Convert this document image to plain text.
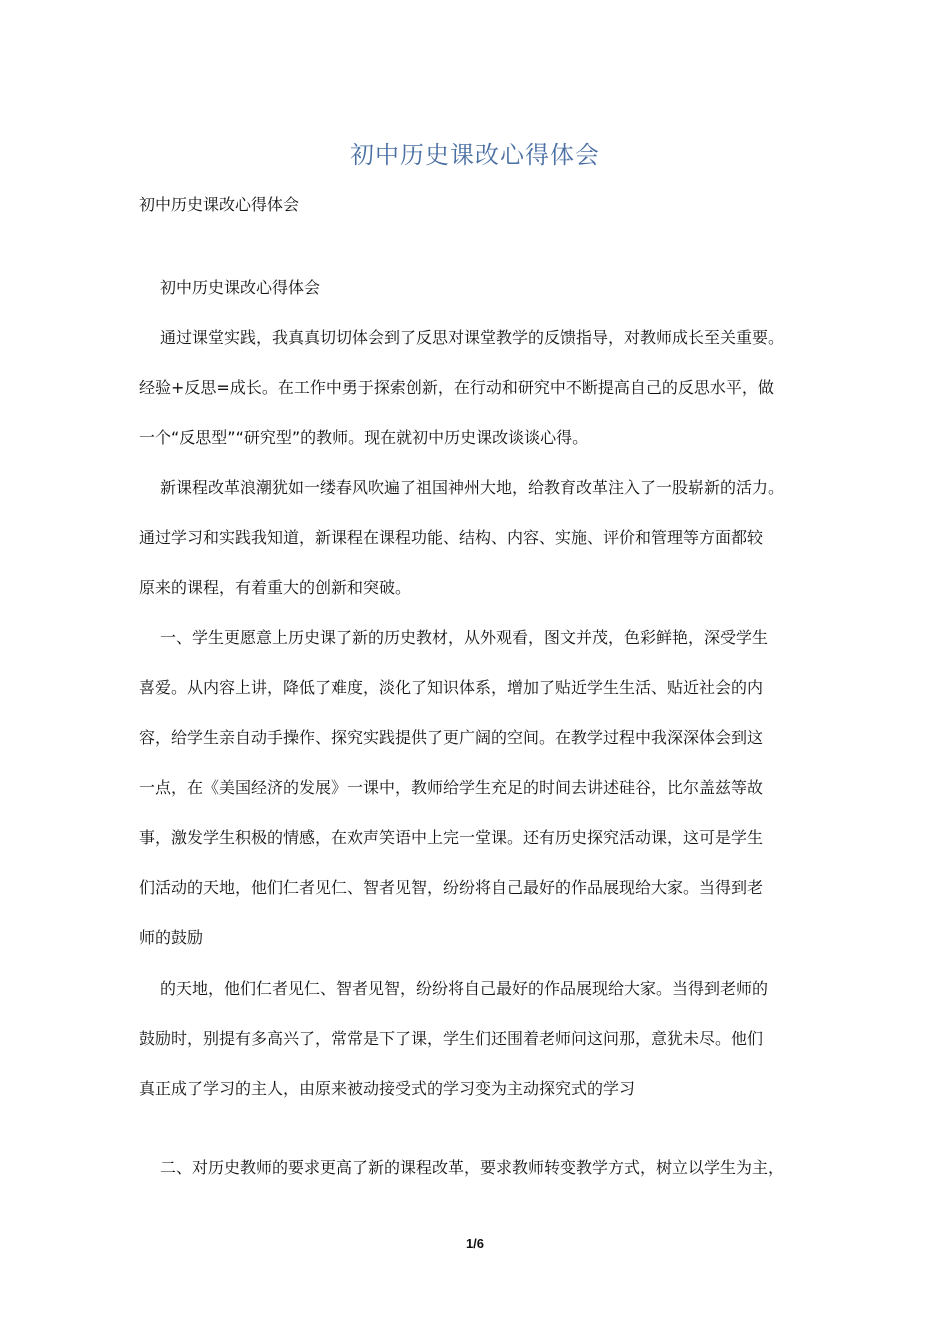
初中历史课改心得体会
初中历史课改心得体会
初中历史课改心得体会
通过课堂实践，我真真切切体会到了反思对课堂教学的反馈指导，对教师成长至关重要。
经验+反思=成长。在工作中勇于探索创新，在行动和研究中不断提高自己的反思水平，做
一个“反思型”“研究型”的教师。现在就初中历史课改谈谈心得。
新课程改革浪潮犹如一缕春风吹遍了祖国神州大地，给教育改革注入了一股崭新的活力。
通过学习和实践我知道，新课程在课程功能、结构、内容、实施、评价和管理等方面都较
原来的课程，有着重大的创新和突破。
一、学生更愿意上历史课了新的历史教材，从外观看，图文并茂，色彩鲜艳，深受学生
喜爱。从内容上讲，降低了难度，淡化了知识体系，增加了贴近学生生活、贴近社会的内
容，给学生亲自动手操作、探究实践提供了更广阔的空间。在教学过程中我深深体会到这
一点，在《美国经济的发展》一课中，教师给学生充足的时间去讲述硅谷，比尔盖兹等故
事，激发学生积极的情感，在欢声笑语中上完一堂课。还有历史探究活动课，这可是学生
们活动的天地，他们仁者见仁、智者见智，纷纷将自己最好的作品展现给大家。当得到老
师的鼓励
的天地，他们仁者见仁、智者见智，纷纷将自己最好的作品展现给大家。当得到老师的
鼓励时，别提有多高兴了，常常是下了课，学生们还围着老师问这问那，意犹未尽。他们
真正成了学习的主人，由原来被动接受式的学习变为主动探究式的学习
二、对历史教师的要求更高了新的课程改革，要求教师转变教学方式，树立以学生为主，
1/6
